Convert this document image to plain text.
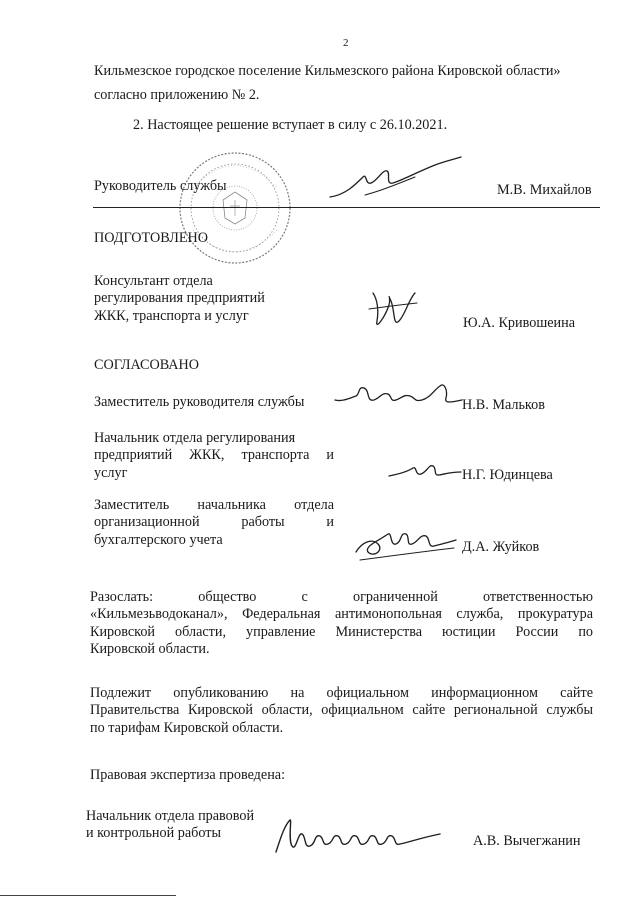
2
Кильмезское городское поселение Кильмезского района Кировской области»
согласно приложению № 2.
2. Настоящее решение вступает в силу с 26.10.2021.
Руководитель службы	М.В. Михайлов
ПОДГОТОВЛЕНО
Консультант отдела
регулирования предприятий
ЖКК, транспорта и услуг	Ю.А. Кривошеина
СОГЛАСОВАНО
Заместитель руководителя службы	Н.В. Мальков
Начальник отдела регулирования
предприятий ЖКК, транспорта и
услуг	Н.Г. Юдинцева
Заместитель начальника отдела
организационной работы и
бухгалтерского учета	Д.А. Жуйков
Разослать: общество с ограниченной ответственностью
«Кильмезьводоканал», Федеральная антимонопольная служба, прокуратура
Кировской области, управление Министерства юстиции России по
Кировской области.
Подлежит опубликованию на официальном информационном сайте
Правительства Кировской области, официальном сайте региональной службы
по тарифам Кировской области.
Правовая экспертиза проведена:
Начальник отдела правовой
и контрольной работы	А.В. Вычегжанин
